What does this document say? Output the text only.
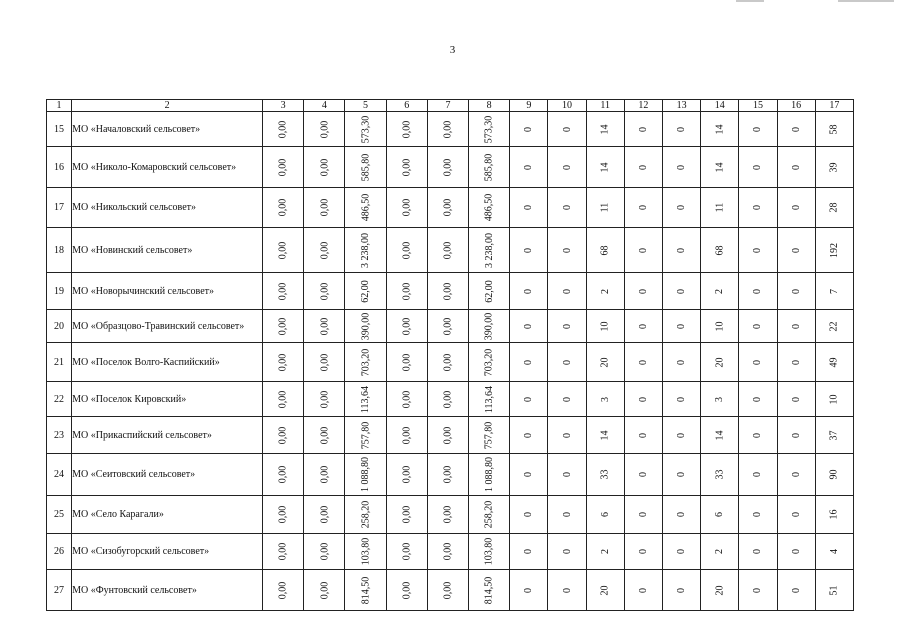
3
1	2	3	4	5	6	7	8	9	10	11	12	13	14	15	16	17
15	МО «Началовский сельсовет»	0,00	0,00	573,30	0,00	0,00	573,30	0	0	14	0	0	14	0	0	58
16	МО «Николо-Комаровский сельсовет»	0,00	0,00	585,80	0,00	0,00	585,80	0	0	14	0	0	14	0	0	39
17	МО «Никольский сельсовет»	0,00	0,00	486,50	0,00	0,00	486,50	0	0	11	0	0	11	0	0	28
18	МО «Новинский сельсовет»	0,00	0,00	3 238,00	0,00	0,00	3 238,00	0	0	68	0	0	68	0	0	192
19	МО «Новорычинский сельсовет»	0,00	0,00	62,00	0,00	0,00	62,00	0	0	2	0	0	2	0	0	7
20	МО «Образцово-Травинский сельсовет»	0,00	0,00	390,00	0,00	0,00	390,00	0	0	10	0	0	10	0	0	22
21	МО «Поселок Волго-Каспийский»	0,00	0,00	703,20	0,00	0,00	703,20	0	0	20	0	0	20	0	0	49
22	МО «Поселок Кировский»	0,00	0,00	113,64	0,00	0,00	113,64	0	0	3	0	0	3	0	0	10
23	МО «Прикаспийский сельсовет»	0,00	0,00	757,80	0,00	0,00	757,80	0	0	14	0	0	14	0	0	37
24	МО «Сеитовский сельсовет»	0,00	0,00	1 088,80	0,00	0,00	1 088,80	0	0	33	0	0	33	0	0	90
25	МО «Село Карагали»	0,00	0,00	258,20	0,00	0,00	258,20	0	0	6	0	0	6	0	0	16
26	МО «Сизобугорский сельсовет»	0,00	0,00	103,80	0,00	0,00	103,80	0	0	2	0	0	2	0	0	4
27	МО «Фунтовский сельсовет»	0,00	0,00	814,50	0,00	0,00	814,50	0	0	20	0	0	20	0	0	51
